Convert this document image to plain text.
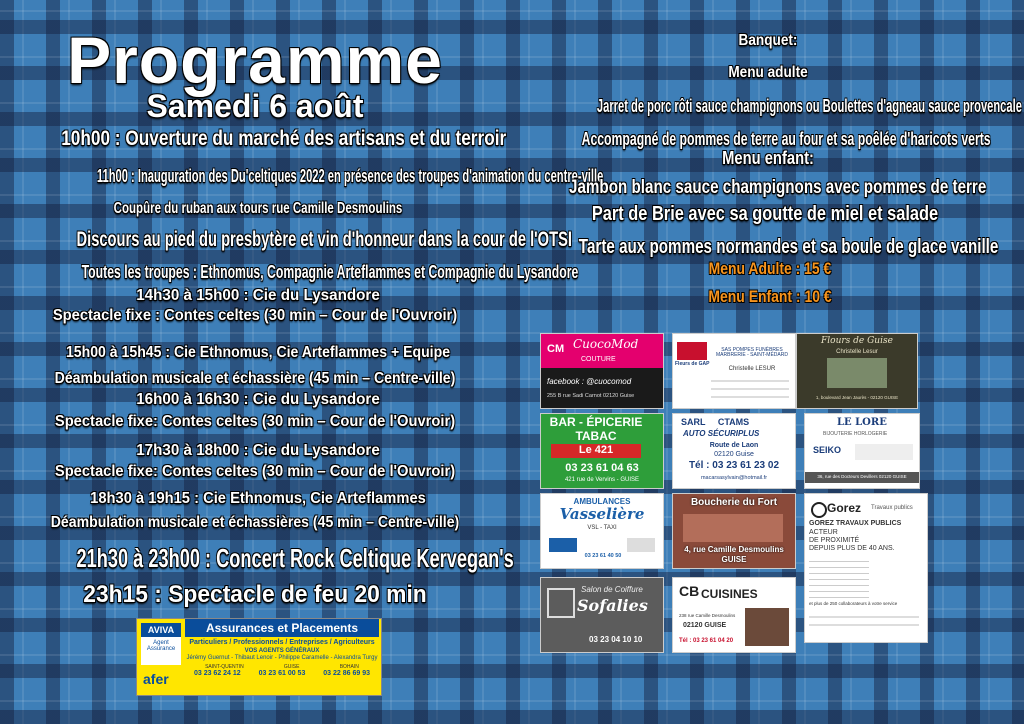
Programme
Samedi 6 août
10h00 : Ouverture du marché des artisans et du terroir
11h00 : Inauguration des Du'celtiques 2022 en présence des troupes d'animation du centre-ville
Coupûre du ruban aux tours rue Camille Desmoulins
Discours au pied du presbytère et vin d'honneur dans la cour de l'OTSI
Toutes les troupes : Ethnomus, Compagnie Arteflammes et Compagnie du Lysandore
14h30 à 15h00 : Cie du Lysandore
Spectacle fixe : Contes celtes (30 min – Cour de l'Ouvroir)
15h00 à 15h45 : Cie Ethnomus, Cie Arteflammes + Equipe
Déambulation musicale et échassière (45 min – Centre-ville)
16h00 à 16h30 : Cie du Lysandore
Spectacle fixe: Contes celtes (30 min – Cour de l'Ouvroir)
17h30 à 18h00 : Cie du Lysandore
Spectacle fixe: Contes celtes (30 min – Cour de l'Ouvroir)
18h30 à 19h15 : Cie Ethnomus, Cie Arteflammes
Déambulation musicale et échassières (45 min – Centre-ville)
21h30 à 23h00 : Concert Rock Celtique Kervegan's
23h15 : Spectacle de feu 20 min
AVIVA
Agent Assurance
afer
Assurances et Placements
Particuliers / Professionnels / Entreprises / Agriculteurs
VOS AGENTS GÉNÉRAUX
Jérémy Guernut - Thibaut Lenoir - Philippe Caramelle - Alexandra Turgy
SAINT-QUENTIN	GUISE	BOHAIN
03 23 62 24 12	03 23 61 00 53	03 22 86 69 93
Banquet:
Menu adulte
Jarret de porc rôti sauce champignons ou Boulettes d'agneau sauce provencale
Accompagné de pommes de terre au four et sa poêlée d'haricots verts
Menu enfant:
Jambon blanc sauce champignons avec pommes de terre
Part de Brie avec sa goutte de miel et salade
Tarte aux pommes normandes et sa boule de glace vanille
Menu Adulte : 15 €
Menu Enfant : 10 €
CM CuocoMod
COUTURE
facebook : @cuocomod
255 B rue Sadi Carnot 02120 Guise
Fleurs de GAP
SAS POMPES FUNÈBRES MARBRERIE - SAINT-MÉDARD
Christelle LESUR
Flours de Guise
Christelle Lesur
1, boulevard Jean Jaurès - 02120 GUISE
BAR - ÉPICERIE
TABAC
Le 421
03 23 61 04 63
421 rue de Vervins - GUISE
SARL CTAMS
AUTO SÉCURIPLUS
Route de Laon
02120 Guise
Tél : 03 23 61 23 02
macarsasylvain@hotmail.fr
LE LORE
BIJOUTERIE HORLOGERIE
SEIKO
36, rue des Docteurs Devillers 02120 GUISE
AMBULANCES
Vasselière
VSL - TAXI
03 23 61 40 50
Boucherie du Fort
4, rue Camille Desmoulins
GUISE
Gorez Travaux publics
GOREZ TRAVAUX PUBLICS
ACTEUR
DE PROXIMITÉ
DEPUIS PLUS DE 40 ANS.
et plus de 250 collaborateurs à votre service
Salon de Coiffure
Sofalies
03 23 04 10 10
CB CUISINES
238 rue Camille Desmoulins
02120 GUISE
Tél : 03 23 61 04 20
